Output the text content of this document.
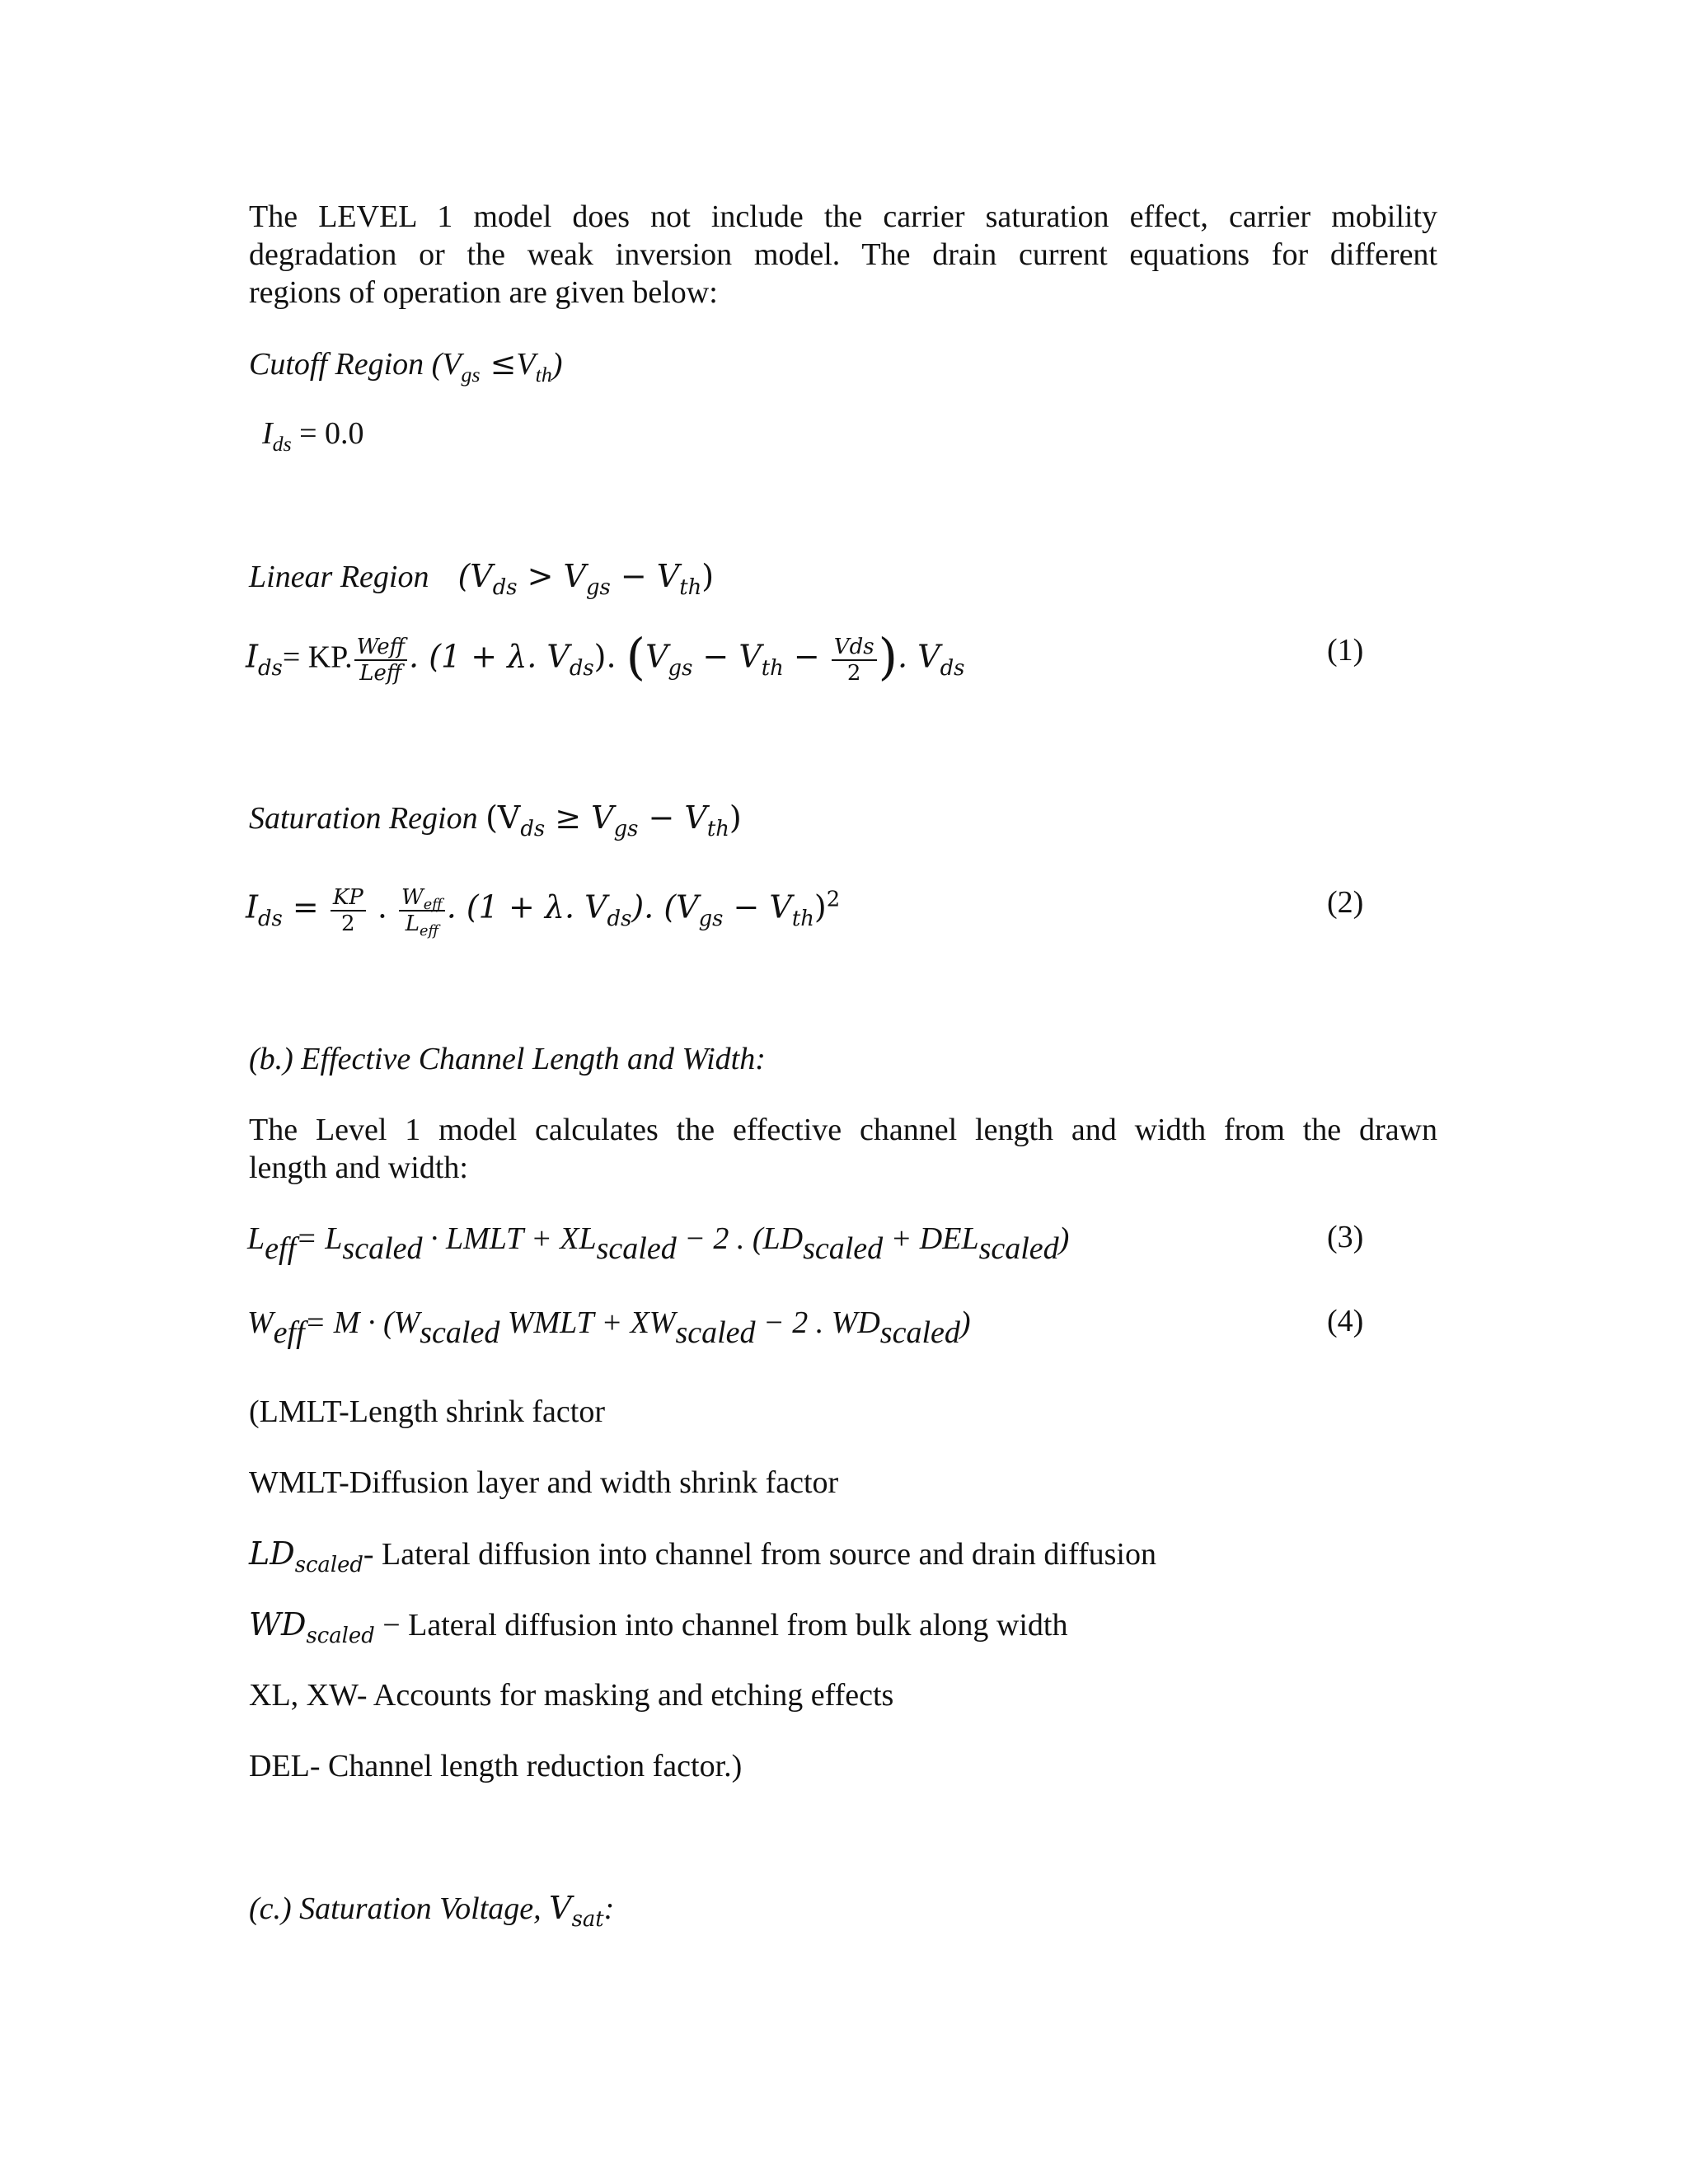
The LEVEL 1 model does not include the carrier saturation effect, carrier mobility
degradation or the weak inversion model. The drain current equations for different
regions of operation are given below:
Cutoff Region $(V_{gs} \le V_{th})$
$I_{ds} = 0.0$
Linear Region $(V_{ds} > V_{gs} - V_{th})$
$I_{ds}=$ KP. $\frac{\text{Weff}}{\text{Leff}}$ . (1 + λ. $V_{ds}$). ($V_{gs} - V_{th} - \frac{\text{Vds}}{2}$ ). $V_{ds}$
(1)
Saturation Region $(V_{ds} \ge V_{gs} - V_{th})$
$I_{ds} = \frac{KP}{2}$ . $\frac{W_{eff}}{L_{eff}}$ . (1 + λ. $V_{ds}$). $(V_{gs} - V_{th})^2$	(2)
(b.) Effective Channel Length and Width:
The Level 1 model calculates the effective channel length and width from the drawn
length and width:
Leff= Lscaled · LMLT + XLscaled − 2 . (LDscaled + DELscaled)	(3)
Weff= M · (Wscaled WMLT + XWscaled − 2 . WDscaled)	(4)
(LMLT-Length shrink factor
WMLT-Diffusion layer and width shrink factor
$LD_{scaled}-$ Lateral diffusion into channel from source and drain diffusion
$WD_{scaled}$ − Lateral diffusion into channel from bulk along width
XL, XW- Accounts for masking and etching effects
DEL- Channel length reduction factor.)
(c.) Saturation Voltage, $V_{sat}$:
